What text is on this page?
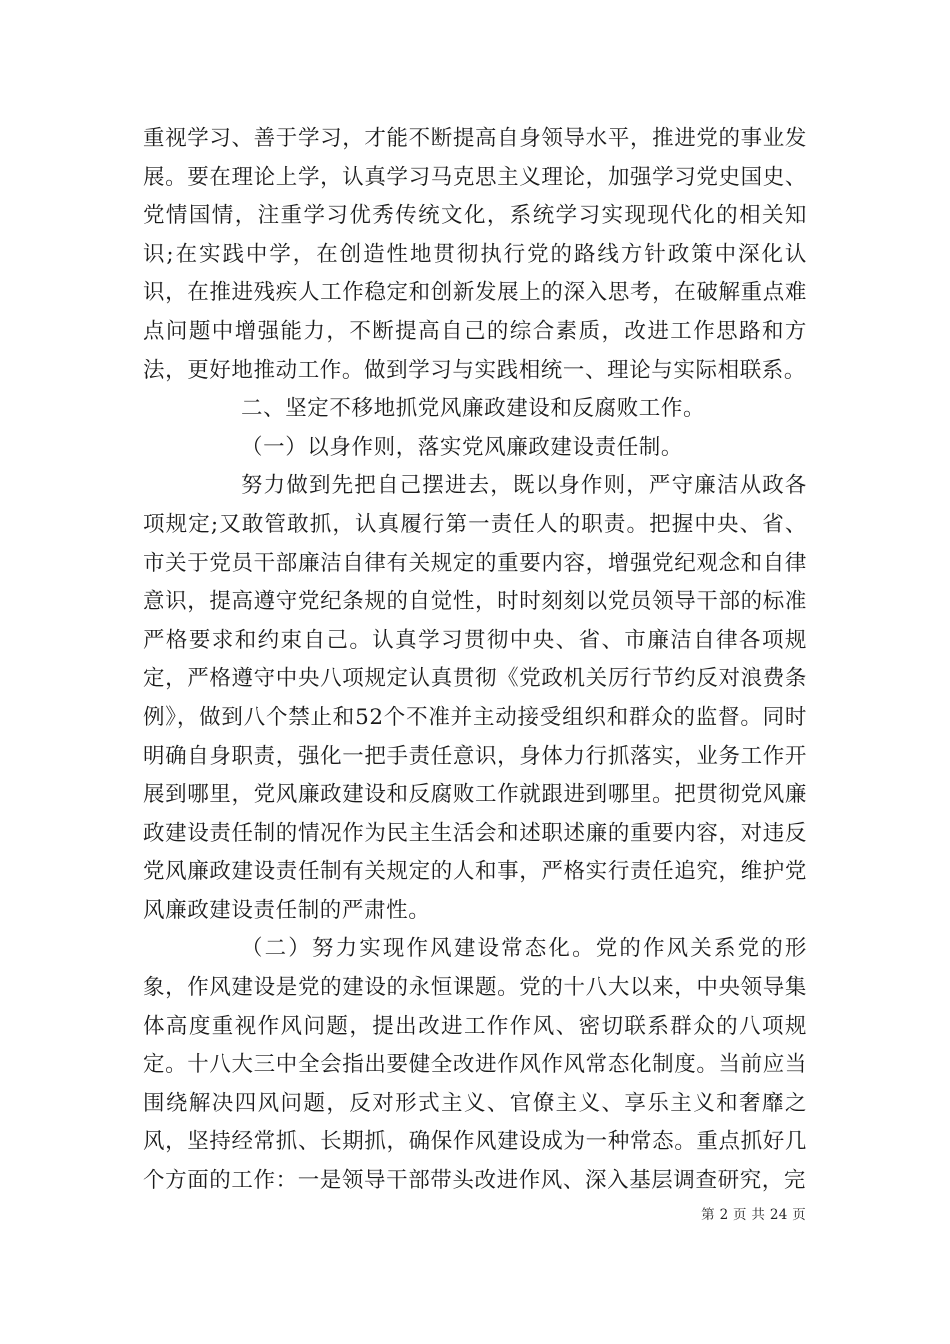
重视学习、善于学习，才能不断提高自身领导水平，推进党的事业发展。要在理论上学，认真学习马克思主义理论，加强学习党史国史、党情国情，注重学习优秀传统文化，系统学习实现现代化的相关知识;在实践中学，在创造性地贯彻执行党的路线方针政策中深化认识，在推进残疾人工作稳定和创新发展上的深入思考，在破解重点难点问题中增强能力，不断提高自己的综合素质，改进工作思路和方法，更好地推动工作。做到学习与实践相统一、理论与实际相联系。

二、坚定不移地抓党风廉政建设和反腐败工作。

（一）以身作则，落实党风廉政建设责任制。

努力做到先把自己摆进去，既以身作则，严守廉洁从政各项规定;又敢管敢抓，认真履行第一责任人的职责。把握中央、省、市关于党员干部廉洁自律有关规定的重要内容，增强党纪观念和自律意识，提高遵守党纪条规的自觉性，时时刻刻以党员领导干部的标准严格要求和约束自己。认真学习贯彻中央、省、市廉洁自律各项规定，严格遵守中央八项规定认真贯彻《党政机关厉行节约反对浪费条例》，做到八个禁止和52个不准并主动接受组织和群众的监督。同时明确自身职责，强化一把手责任意识，身体力行抓落实，业务工作开展到哪里，党风廉政建设和反腐败工作就跟进到哪里。把贯彻党风廉政建设责任制的情况作为民主生活会和述职述廉的重要内容，对违反党风廉政建设责任制有关规定的人和事，严格实行责任追究，维护党风廉政建设责任制的严肃性。

（二）努力实现作风建设常态化。党的作风关系党的形象，作风建设是党的建设的永恒课题。党的十八大以来，中央领导集体高度重视作风问题，提出改进工作作风、密切联系群众的八项规定。十八大三中全会指出要健全改进作风作风常态化制度。当前应当围绕解决四风问题，反对形式主义、官僚主义、享乐主义和奢靡之风，坚持经常抓、长期抓，确保作风建设成为一种常态。重点抓好几个方面的工作：一是领导干部带头改进作风、深入基层调查研究，完

第 2 页 共 24 页
